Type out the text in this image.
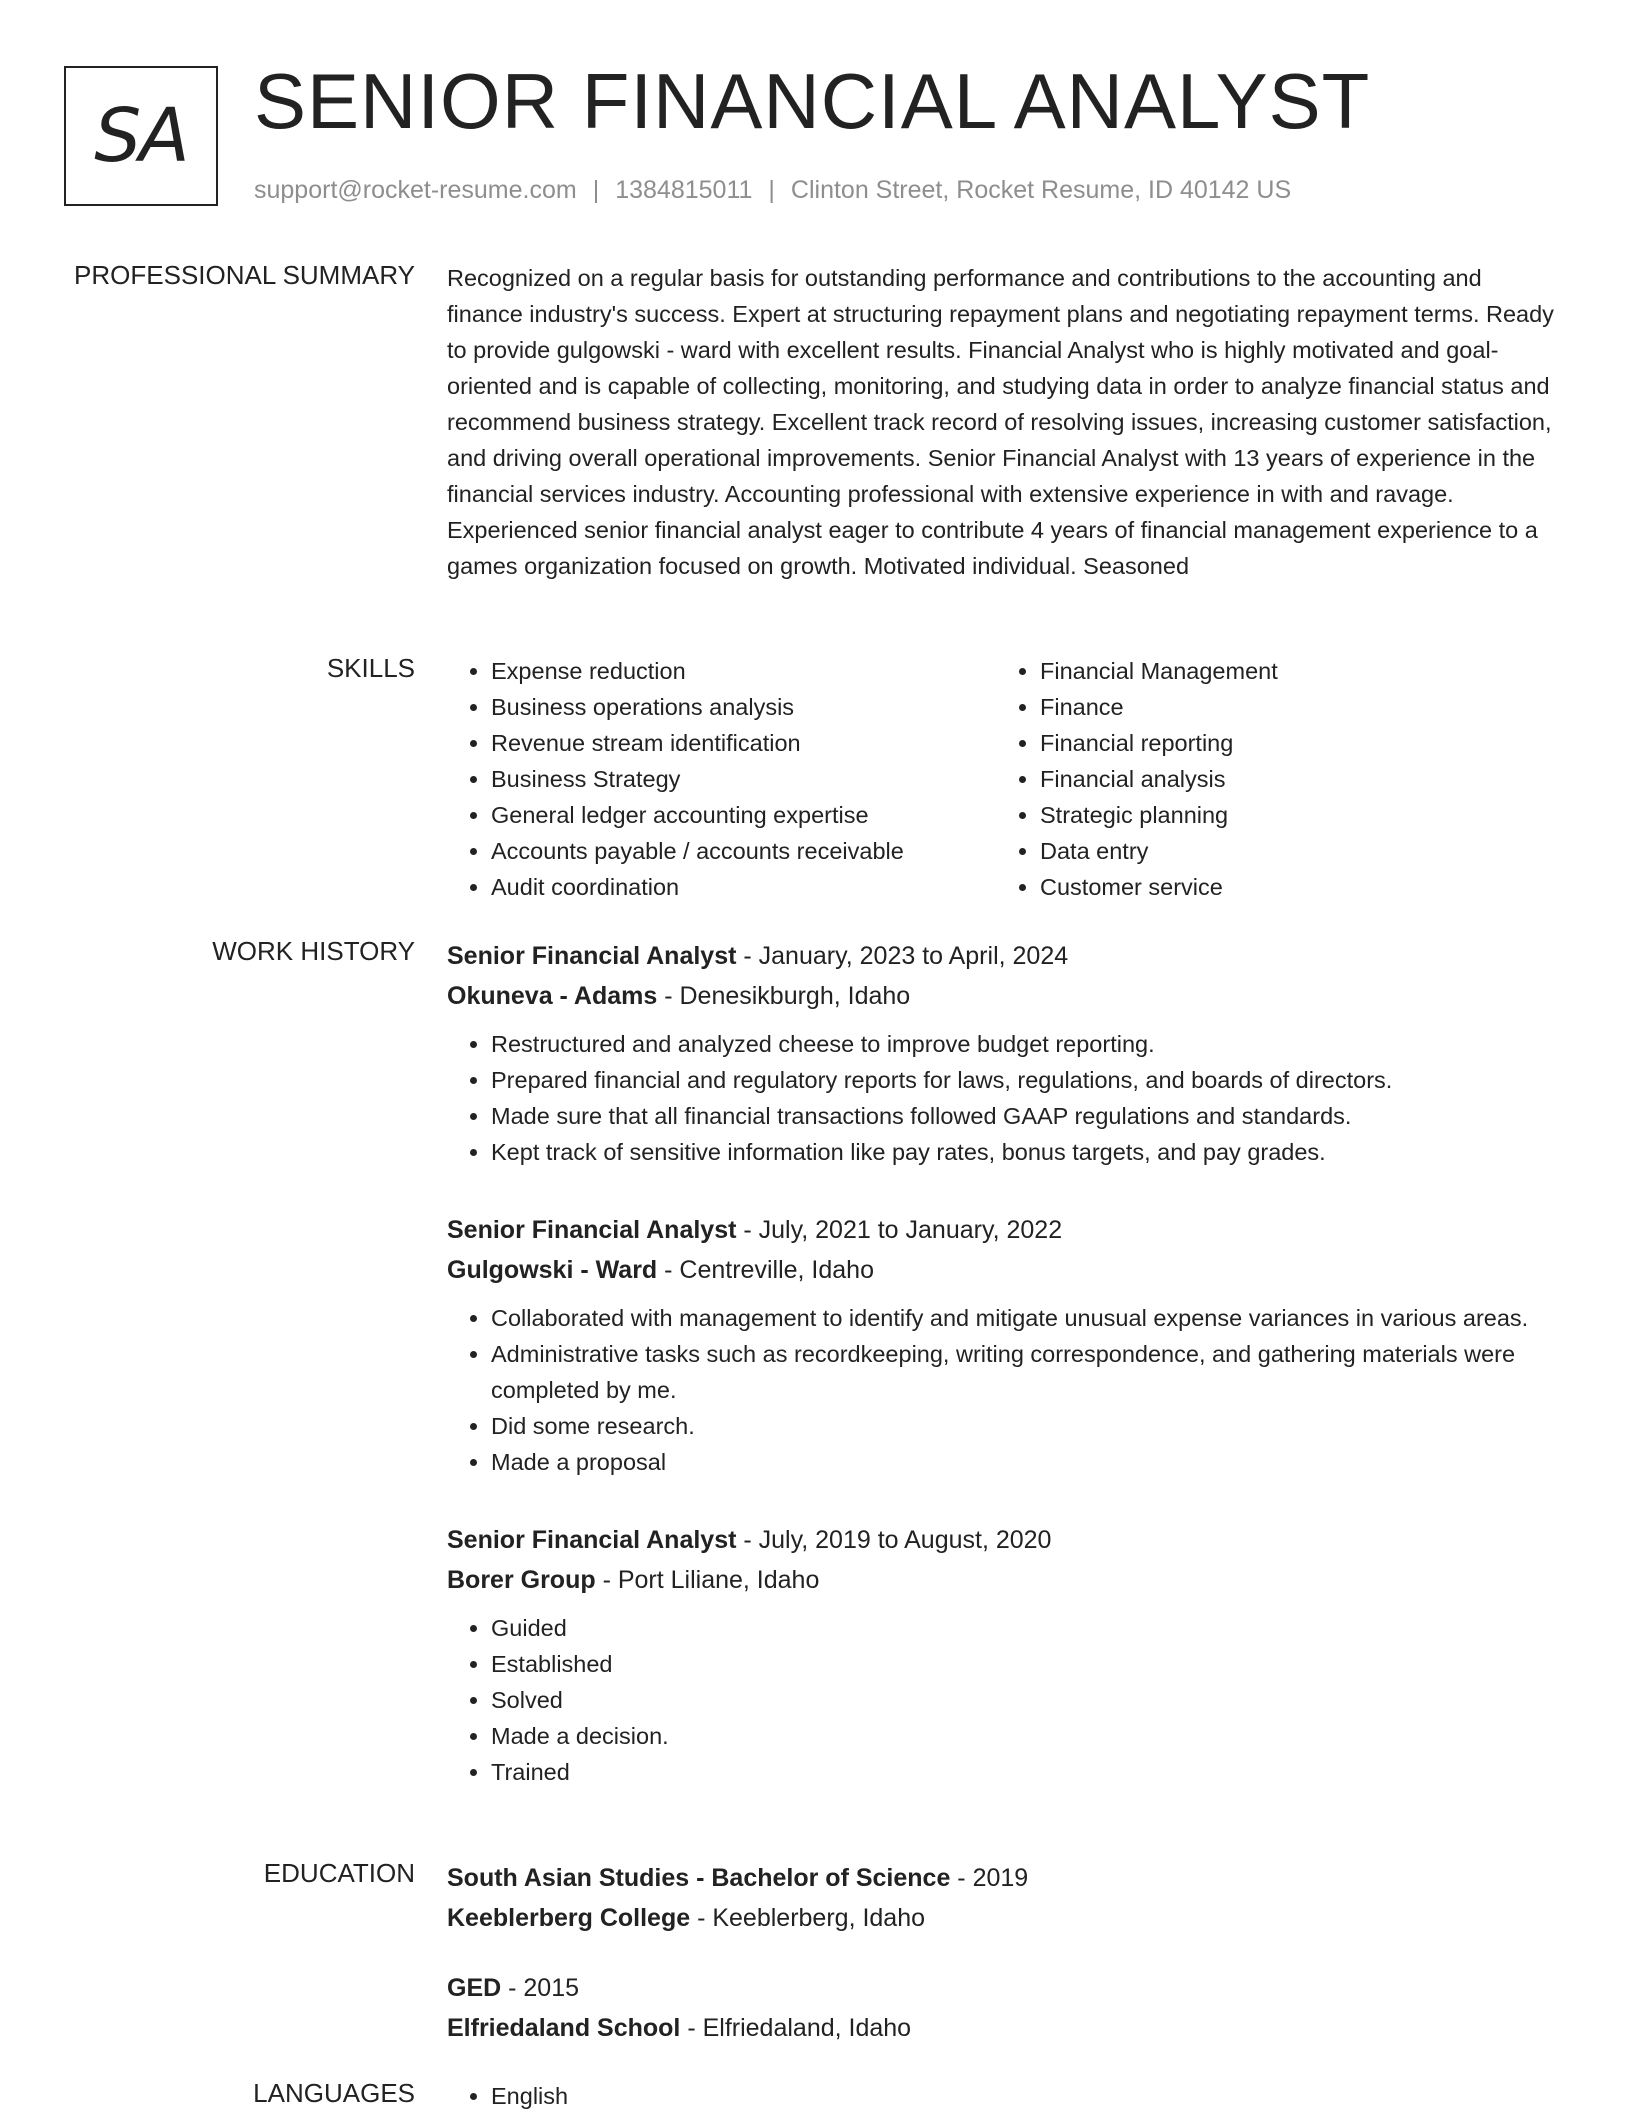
SA SENIOR FINANCIAL ANALYST
support@rocket-resume.com | 1384815011 | Clinton Street, Rocket Resume, ID 40142 US
PROFESSIONAL SUMMARY Recognized on a regular basis for outstanding performance and contributions to the accounting and finance industry's success. Expert at structuring repayment plans and negotiating repayment terms. Ready to provide gulgowski - ward with excellent results. Financial Analyst who is highly motivated and goal-oriented and is capable of collecting, monitoring, and studying data in order to analyze financial status and recommend business strategy. Excellent track record of resolving issues, increasing customer satisfaction, and driving overall operational improvements. Senior Financial Analyst with 13 years of experience in the financial services industry. Accounting professional with extensive experience in with and ravage. Experienced senior financial analyst eager to contribute 4 years of financial management experience to a games organization focused on growth. Motivated individual. Seasoned

SKILLS	• Expense reduction
• Business operations analysis
• Revenue stream identification
• Business Strategy
• General ledger accounting expertise
• Accounts payable / accounts receivable
• Audit coordination
• Financial Management
• Finance
• Financial reporting
• Financial analysis
• Strategic planning
• Data entry
• Customer service
WORK HISTORY Senior Financial Analyst - January, 2023 to April, 2024
Okuneva - Adams - Denesikburgh, Idaho
• Restructured and analyzed cheese to improve budget reporting.
• Prepared financial and regulatory reports for laws, regulations, and boards of directors.
• Made sure that all financial transactions followed GAAP regulations and standards.
• Kept track of sensitive information like pay rates, bonus targets, and pay grades.
Senior Financial Analyst - July, 2021 to January, 2022
Gulgowski - Ward - Centreville, Idaho
• Collaborated with management to identify and mitigate unusual expense variances in various areas.
• Administrative tasks such as recordkeeping, writing correspondence, and gathering materials were completed by me.
• Did some research.
• Made a proposal
Senior Financial Analyst - July, 2019 to August, 2020
Borer Group - Port Liliane, Idaho
• Guided
• Established
• Solved
• Made a decision.
• Trained
EDUCATION South Asian Studies - Bachelor of Science - 2019
Keeblerberg College - Keeblerberg, Idaho
GED - 2015
Elfriedaland School - Elfriedaland, Idaho
LANGUAGES	• English
